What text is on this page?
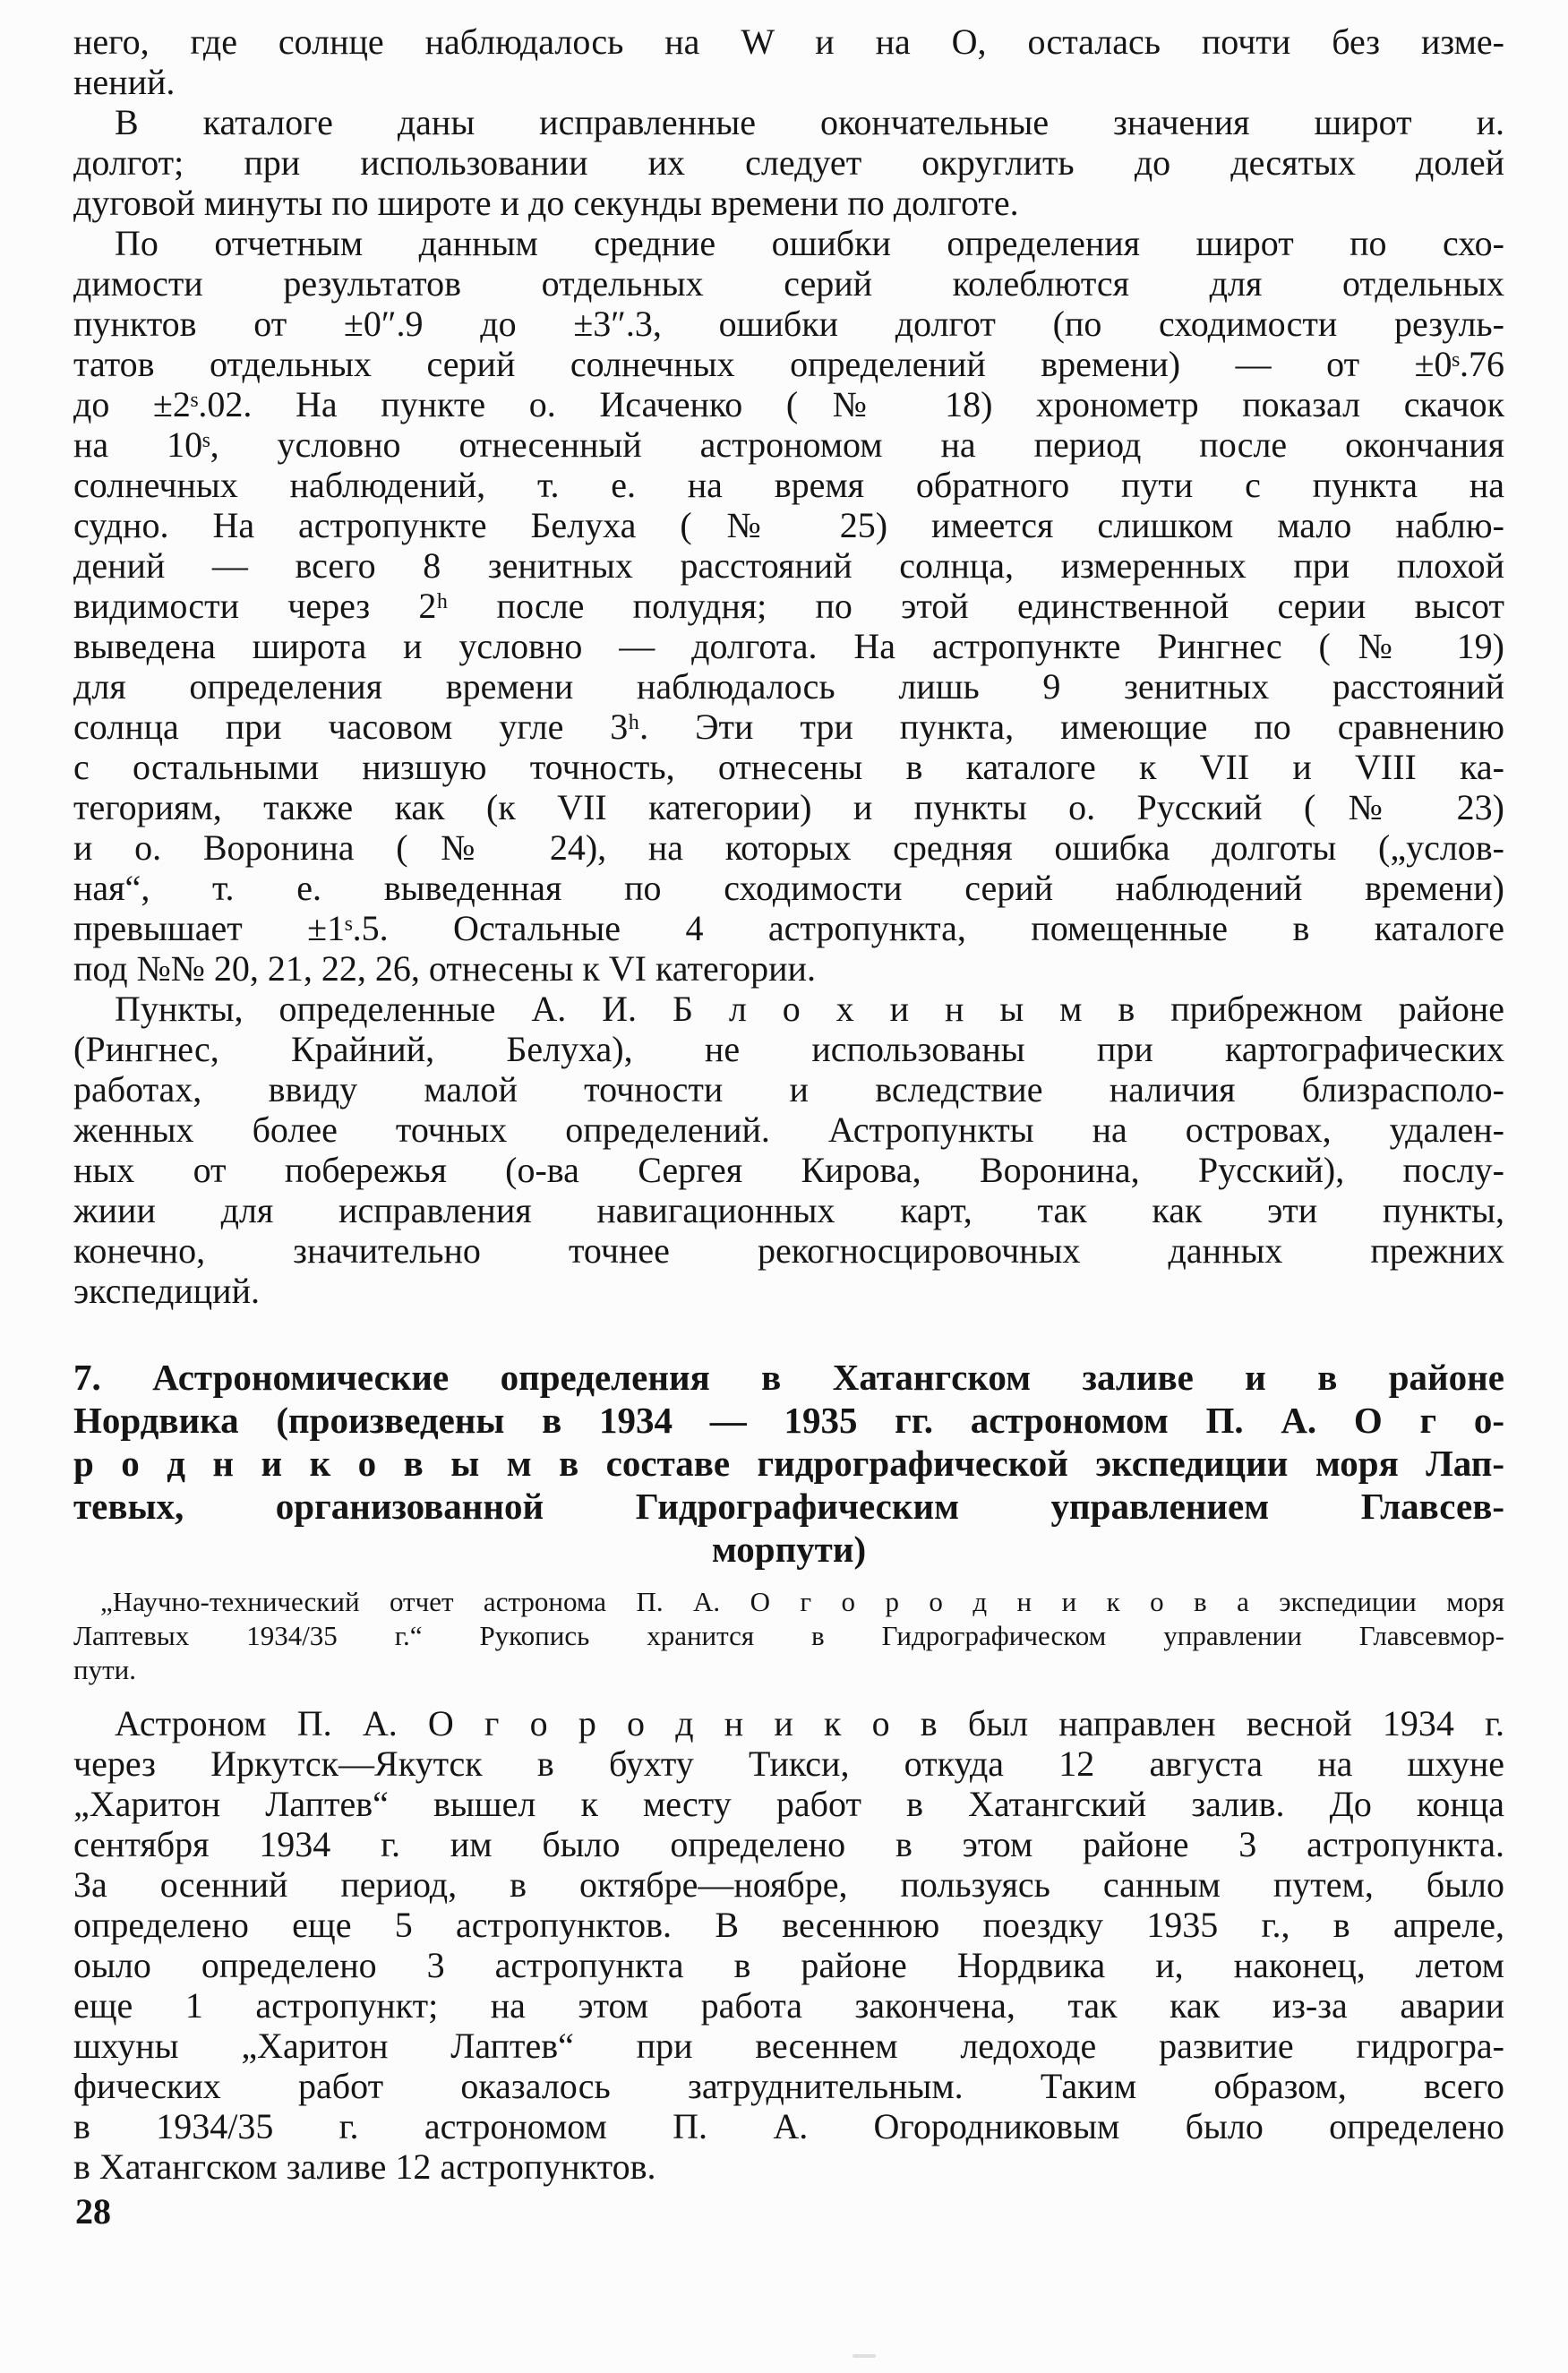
него, где солнце наблюдалось на W и на O, осталась почти без изме-
нений.
В каталоге даны исправленные окончательные значения широт и.
долгот; при использовании их следует округлить до десятых долей
дуговой минуты по широте и до секунды времени по долготе.
По отчетным данным средние ошибки определения широт по схо-
димости результатов отдельных серий колеблются для отдельных
пунктов от ±0″.9 до ±3″.3, ошибки долгот (по сходимости резуль-
татов отдельных серий солнечных определений времени) — от ±0ˢ.76
до ±2ˢ.02. На пункте о. Исаченко (№ 18) хронометр показал скачок
на 10ˢ, условно отнесенный астрономом на период после окончания
солнечных наблюдений, т. е. на время обратного пути с пункта на
судно. На астропункте Белуха (№ 25) имеется слишком мало наблю-
дений — всего 8 зенитных расстояний солнца, измеренных при плохой
видимости через 2ʰ после полудня; по этой единственной серии высот
выведена широта и условно — долгота. На астропункте Рингнес (№ 19)
для определения времени наблюдалось лишь 9 зенитных расстояний
солнца при часовом угле 3ʰ. Эти три пункта, имеющие по сравнению
с остальными низшую точность, отнесены в каталоге к VII и VIII ка-
тегориям, также как (к VII категории) и пункты о. Русский (№ 23)
и о. Воронина (№ 24), на которых средняя ошибка долготы („услов-
ная“, т. е. выведенная по сходимости серий наблюдений времени)
превышает ±1ˢ.5. Остальные 4 астропункта, помещенные в каталоге
под №№ 20, 21, 22, 26, отнесены к VI категории.
Пункты, определенные А. И. Б л о х и н ы м в прибрежном районе
(Рингнес, Крайний, Белуха), не использованы при картографических
работах, ввиду малой точности и вследствие наличия близрасполо-
женных более точных определений. Астропункты на островах, удален-
ных от побережья (о-ва Сергея Кирова, Воронина, Русский), послу-
жиии для исправления навигационных карт, так как эти пункты,
конечно, значительно точнее рекогносцировочных данных прежних
экспедиций.
7. Астрономические определения в Хатангском заливе и в районе
Нордвика (произведены в 1934 — 1935 гг. астрономом П. А. О г о-
р о д н и к о в ы м в составе гидрографической экспедиции моря Лап-
тевых, организованной Гидрографическим управлением Главсев-
морпути)
„Научно-технический отчет астронома П. А. О г о р о д н и к о в а экспедиции моря
Лаптевых 1934/35 г.“ Рукопись хранится в Гидрографическом управлении Главсевмор-
пути.
Астроном П. А. О г о р о д н и к о в был направлен весной 1934 г.
через Иркутск—Якутск в бухту Тикси, откуда 12 августа на шхуне
„Харитон Лаптев“ вышел к месту работ в Хатангский залив. До конца
сентября 1934 г. им было определено в этом районе 3 астропункта.
За осенний период, в октябре—ноябре, пользуясь санным путем, было
определено еще 5 астропунктов. В весеннюю поездку 1935 г., в апреле,
оыло определено 3 астропункта в районе Нордвика и, наконец, летом
еще 1 астропункт; на этом работа закончена, так как из-за аварии
шхуны „Харитон Лаптев“ при весеннем ледоходе развитие гидрогра-
фических работ оказалось затруднительным. Таким образом, всего
в 1934/35 г. астрономом П. А. Огородниковым было определено
в Хатангском заливе 12 астропунктов.
28
